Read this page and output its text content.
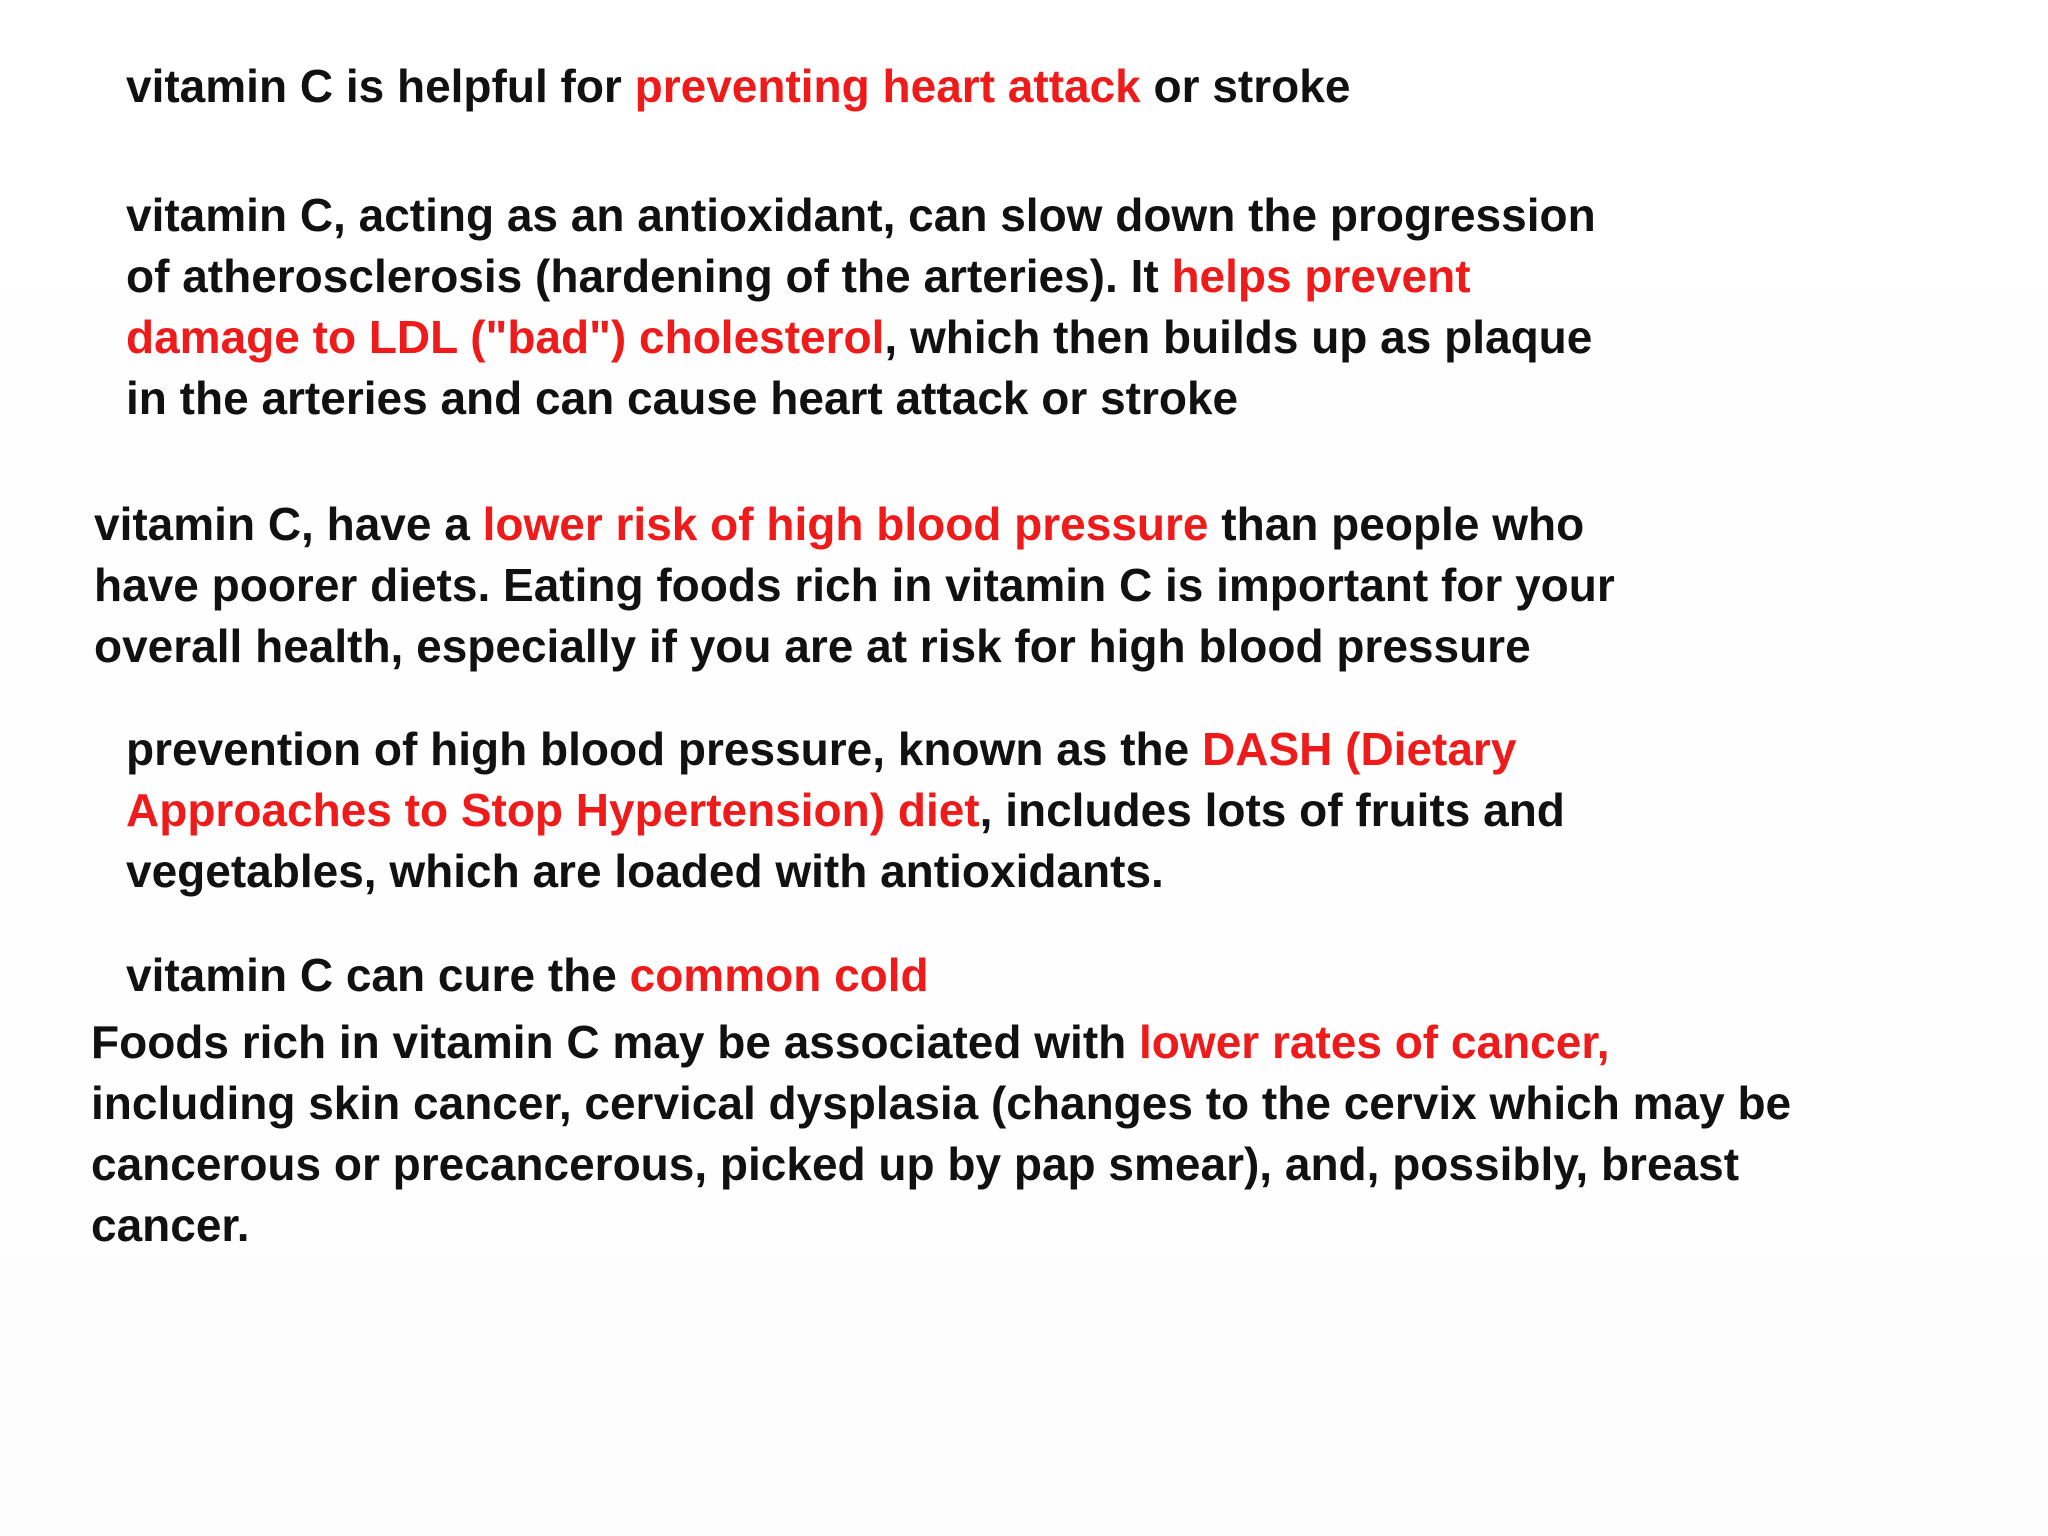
vitamin C is helpful for preventing heart attack or stroke

vitamin C, acting as an antioxidant, can slow down the progression
of atherosclerosis (hardening of the arteries). It helps prevent
damage to LDL ("bad") cholesterol, which then builds up as plaque
in the arteries and can cause heart attack or stroke

vitamin C, have a lower risk of high blood pressure than people who
have poorer diets. Eating foods rich in vitamin C is important for your
overall health, especially if you are at risk for high blood pressure

prevention of high blood pressure, known as the DASH (Dietary
Approaches to Stop Hypertension) diet, includes lots of fruits and
vegetables, which are loaded with antioxidants.

vitamin C can cure the common cold

Foods rich in vitamin C may be associated with lower rates of cancer,
including skin cancer, cervical dysplasia (changes to the cervix which may be
cancerous or precancerous, picked up by pap smear), and, possibly, breast
cancer.
